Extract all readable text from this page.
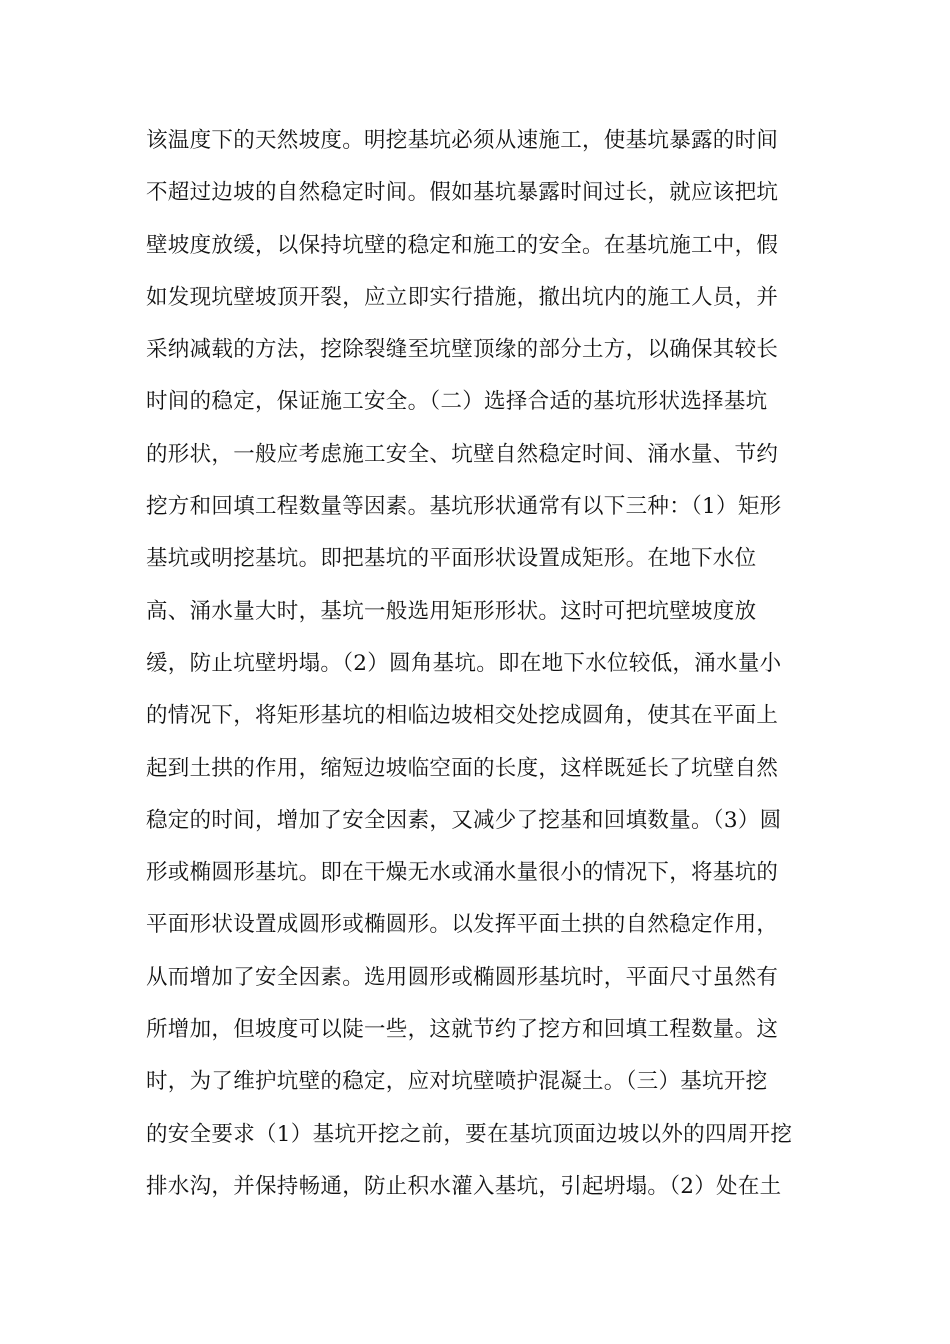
该温度下的天然坡度。明挖基坑必须从速施工，使基坑暴露的时间
不超过边坡的自然稳定时间。假如基坑暴露时间过长，就应该把坑
壁坡度放缓，以保持坑壁的稳定和施工的安全。在基坑施工中，假
如发现坑壁坡顶开裂，应立即实行措施，撤出坑内的施工人员，并
采纳减载的方法，挖除裂缝至坑壁顶缘的部分土方，以确保其较长
时间的稳定，保证施工安全。（二）选择合适的基坑形状选择基坑
的形状，一般应考虑施工安全、坑壁自然稳定时间、涌水量、节约
挖方和回填工程数量等因素。基坑形状通常有以下三种：（1）矩形
基坑或明挖基坑。即把基坑的平面形状设置成矩形。在地下水位
高、涌水量大时，基坑一般选用矩形形状。这时可把坑壁坡度放
缓，防止坑壁坍塌。（2）圆角基坑。即在地下水位较低，涌水量小
的情况下，将矩形基坑的相临边坡相交处挖成圆角，使其在平面上
起到土拱的作用，缩短边坡临空面的长度，这样既延长了坑壁自然
稳定的时间，增加了安全因素，又减少了挖基和回填数量。（3）圆
形或椭圆形基坑。即在干燥无水或涌水量很小的情况下，将基坑的
平面形状设置成圆形或椭圆形。以发挥平面土拱的自然稳定作用，
从而增加了安全因素。选用圆形或椭圆形基坑时，平面尺寸虽然有
所增加，但坡度可以陡一些，这就节约了挖方和回填工程数量。这
时，为了维护坑壁的稳定，应对坑壁喷护混凝土。（三）基坑开挖
的安全要求（1）基坑开挖之前，要在基坑顶面边坡以外的四周开挖
排水沟，并保持畅通，防止积水灌入基坑，引起坍塌。（2）处在土
